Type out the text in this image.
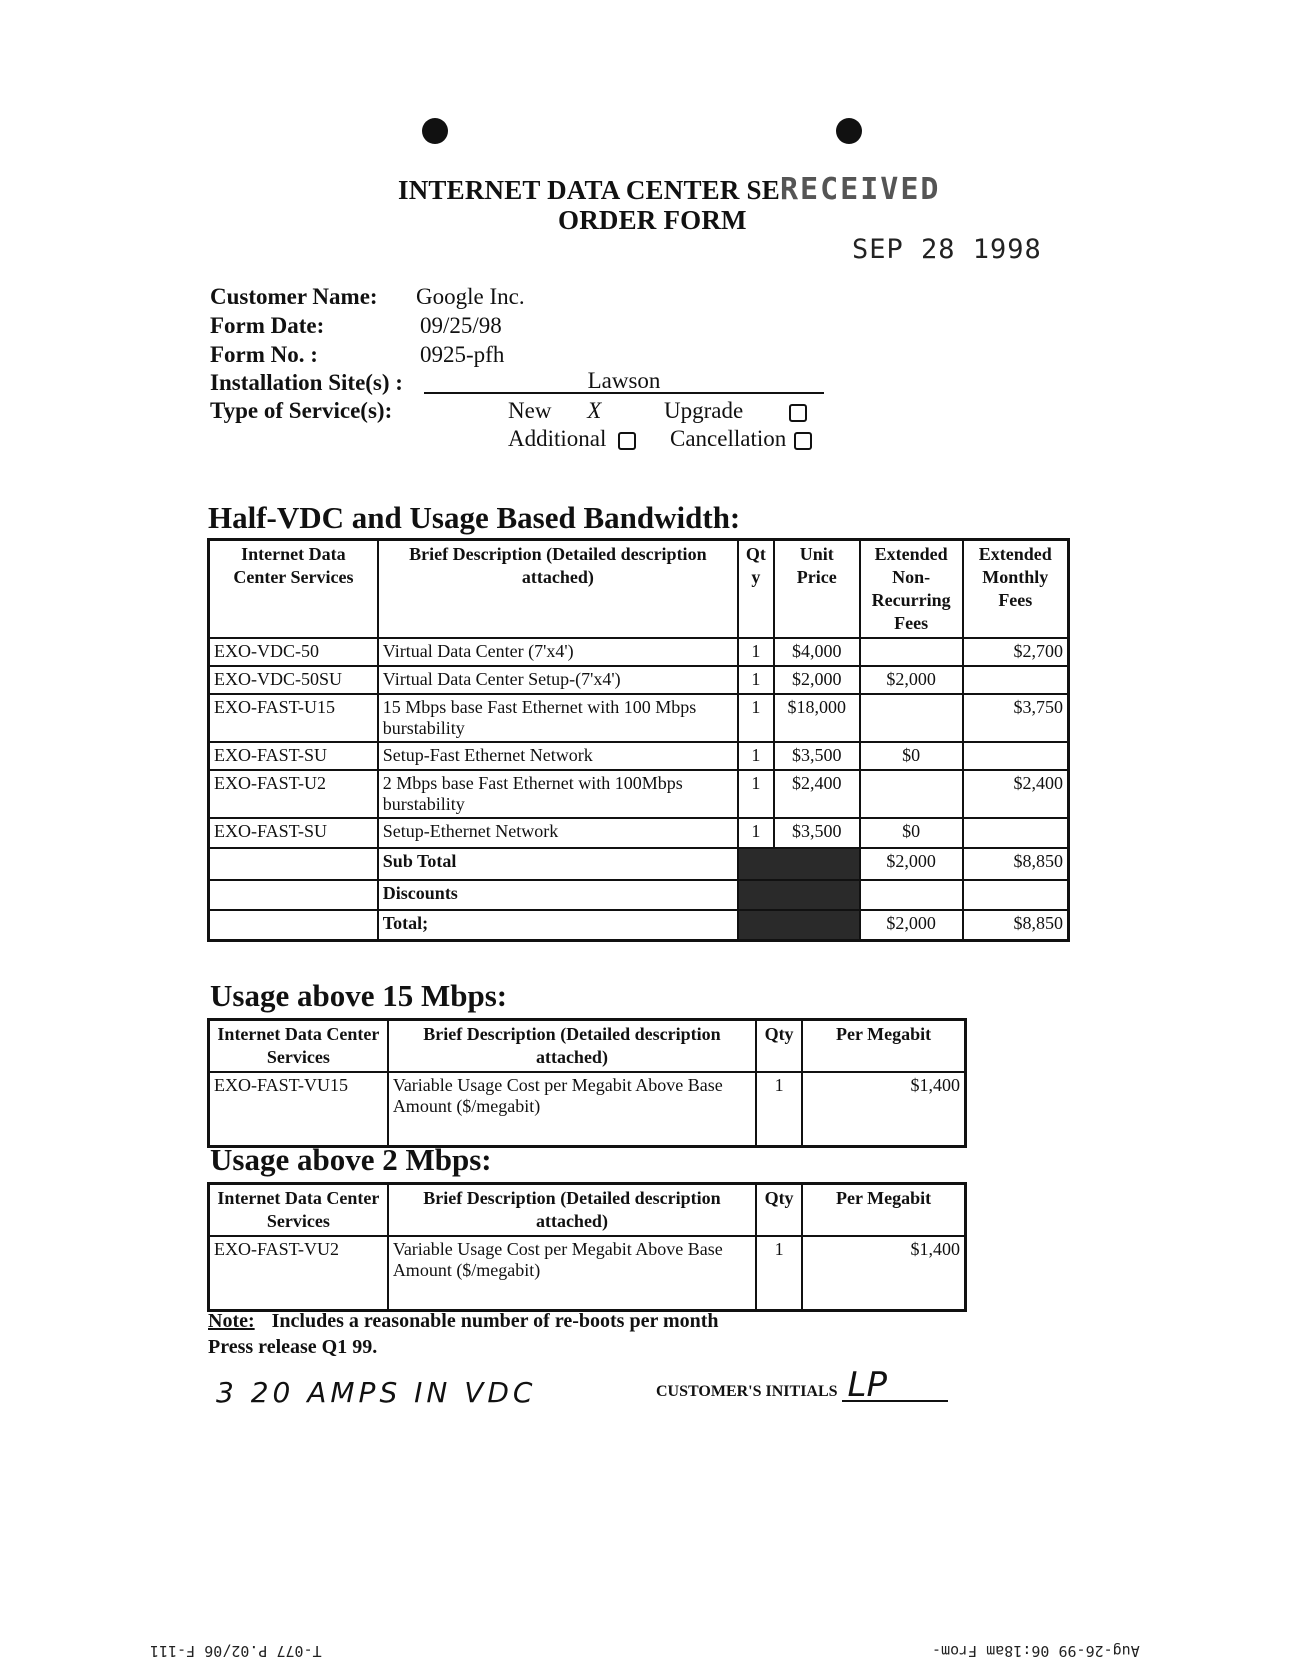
INTERNET DATA CENTER SERECEIVED
ORDER FORM
SEP 28 1998
Customer Name: Google Inc.
Form Date:	09/25/98
Form No. :	0925-pfh
Installation Site(s) :	Lawson
Type of Service(s):	New X	Upgrade
Additional	Cancellation
Half-VDC and Usage Based Bandwidth:
Internet Data Center Services	Brief Description (Detailed description attached)	Qt y	Unit Price	Extended Non-Recurring Fees	Extended Monthly Fees
EXO-VDC-50	Virtual Data Center (7'x4')	1	$4,000		$2,700
EXO-VDC-50SU	Virtual Data Center Setup-(7'x4')	1	$2,000	$2,000	
EXO-FAST-U15	15 Mbps base Fast Ethernet with 100 Mbps burstability	1	$18,000		$3,750
EXO-FAST-SU	Setup-Fast Ethernet Network	1	$3,500	$0	
EXO-FAST-U2	2 Mbps base Fast Ethernet with 100Mbps burstability	1	$2,400		$2,400
EXO-FAST-SU	Setup-Ethernet Network	1	$3,500	$0	
	Sub Total			$2,000	$8,850
	Discounts				
	Total;			$2,000	$8,850
Usage above 15 Mbps:
Internet Data Center Services	Brief Description (Detailed description attached)	Qty	Per Megabit
EXO-FAST-VU15	Variable Usage Cost per Megabit Above Base Amount ($/megabit)	1	$1,400
Usage above 2 Mbps:
Internet Data Center Services	Brief Description (Detailed description attached)	Qty	Per Megabit
EXO-FAST-VU2	Variable Usage Cost per Megabit Above Base Amount ($/megabit)	1	$1,400
Note: Includes a reasonable number of re-boots per month
Press release Q1 99.
3 20 AMPS IN VDC	CUSTOMER'S INITIALS LP
T-077 P.02/06 F-111	Aug-26-99 06:18am From-
